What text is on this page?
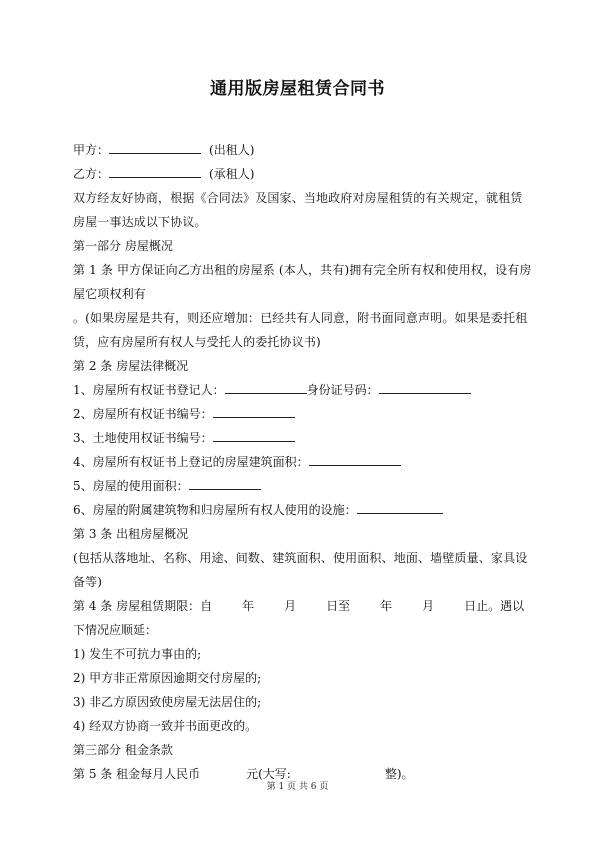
通用版房屋租赁合同书
甲方：	(出租人)
乙方：	(承租人)
双方经友好协商，根据《合同法》及国家、当地政府对房屋租赁的有关规定，就租赁房屋一事达成以下协议。
第一部分 房屋概况
第 1 条 甲方保证向乙方出租的房屋系 (本人，共有)拥有完全所有权和使用权，设有房屋它项权利有
。(如果房屋是共有，则还应增加：已经共有人同意，附书面同意声明。如果是委托租赁，应有房屋所有权人与受托人的委托协议书)
第 2 条 房屋法律概况
1、房屋所有权证书登记人：	身份证号码：
2、房屋所有权证书编号：
3、土地使用权证书编号：
4、房屋所有权证书上登记的房屋建筑面积：
5、房屋的使用面积：
6、房屋的附属建筑物和归房屋所有权人使用的设施：
第 3 条 出租房屋概况
(包括从落地址、名称、用途、间数、建筑面积、使用面积、地面、墙壁质量、家具设备等)
第 4 条 房屋租赁期限：自	年	月	日至	年	月	日止。遇以
下情况应顺延：
1) 发生不可抗力事由的;
2) 甲方非正常原因逾期交付房屋的;
3) 非乙方原因致使房屋无法居住的;
4) 经双方协商一致并书面更改的。
第三部分 租金条款
第 5 条 租金每月人民币	元(大写:	整)。
第 1 页 共 6 页
